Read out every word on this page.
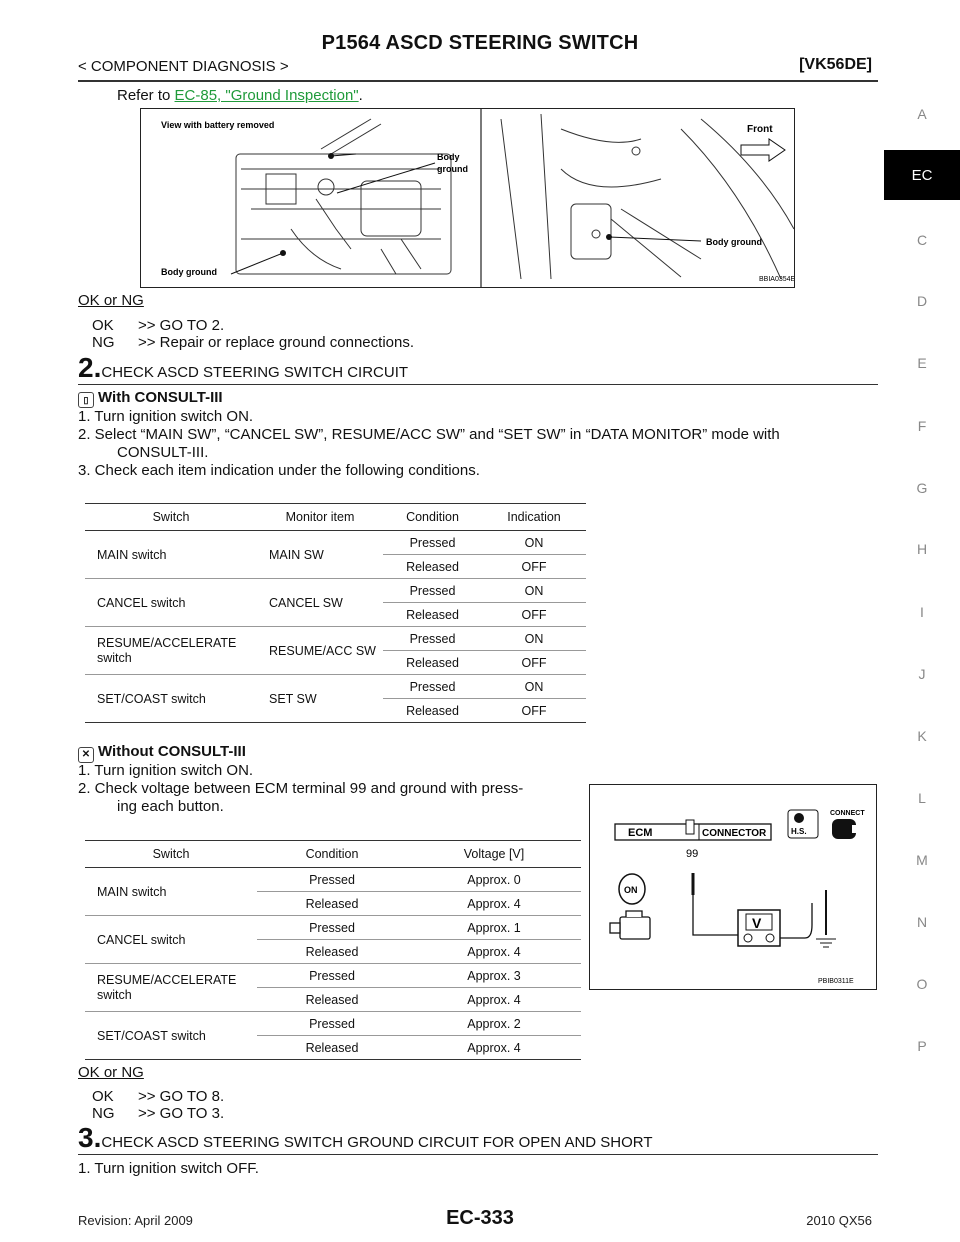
P1564 ASCD STEERING SWITCH
< COMPONENT DIAGNOSIS >	[VK56DE]
A
EC
C
D
E
F
G
H
I
J
K
L
M
N
O
P
Refer to EC-85, "Ground Inspection".
View with battery removed
Body
ground
Body ground
Front
Body ground
BBIA0354E
OK or NG
OK >> GO TO 2.
NG >> Repair or replace ground connections.
2.CHECK ASCD STEERING SWITCH CIRCUIT
▯ With CONSULT-III
1. Turn ignition switch ON.
2. Select “MAIN SW”, “CANCEL SW”, RESUME/ACC SW” and “SET SW” in “DATA MONITOR” mode with
CONSULT-III.
3. Check each item indication under the following conditions.
Switch	Monitor item	Condition	Indication
MAIN switch	MAIN SW	Pressed	ON
		Released	OFF
CANCEL switch	CANCEL SW	Pressed	ON
		Released	OFF
RESUME/ACCELERATE
switch	RESUME/ACC SW	Pressed	ON
		Released	OFF
SET/COAST switch	SET SW	Pressed	ON
		Released	OFF
✕ Without CONSULT-III
1. Turn ignition switch ON.
2. Check voltage between ECM terminal 99 and ground with press-
ing each button.
Switch	Condition	Voltage [V]
MAIN switch	Pressed	Approx. 0
	Released	Approx. 4
CANCEL switch	Pressed	Approx. 1
	Released	Approx. 4
RESUME/ACCELERATE
switch	Pressed	Approx. 3
	Released	Approx. 4
SET/COAST switch	Pressed	Approx. 2
	Released	Approx. 4
ECM	CONNECTOR
99
H.S.
CONNECT
ON
V
PBIB0311E
OK or NG
OK >> GO TO 8.
NG >> GO TO 3.
3.CHECK ASCD STEERING SWITCH GROUND CIRCUIT FOR OPEN AND SHORT
1. Turn ignition switch OFF.
Revision: April 2009	EC-333	2010 QX56
